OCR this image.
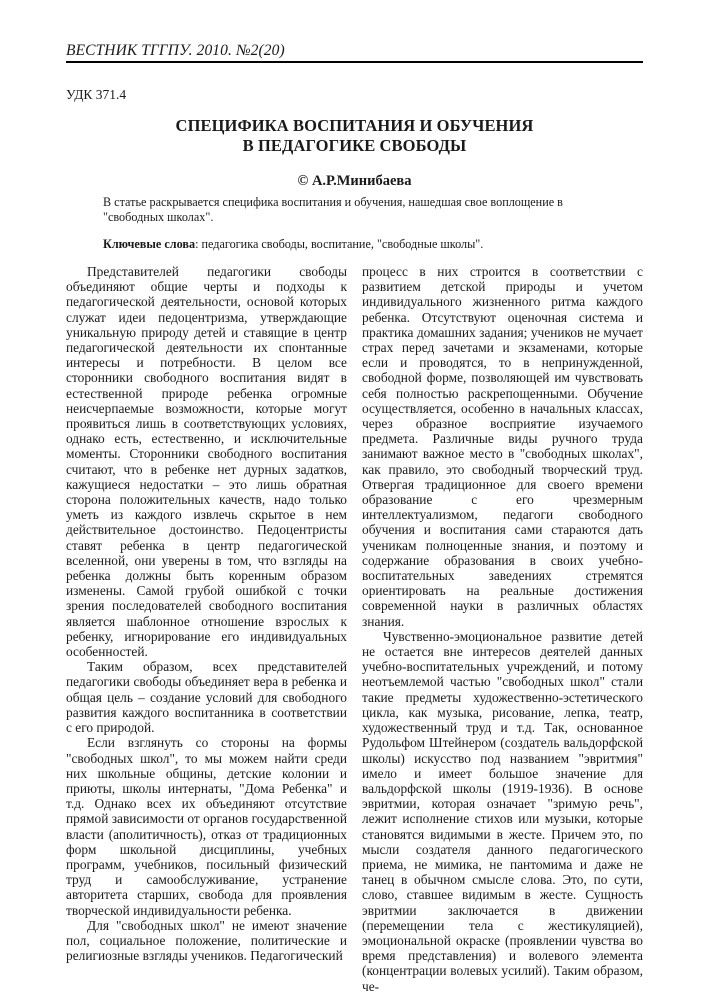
ВЕСТНИК ТГГПУ. 2010. №2(20)
УДК 371.4
СПЕЦИФИКА ВОСПИТАНИЯ И ОБУЧЕНИЯ
В ПЕДАГОГИКЕ СВОБОДЫ
© А.Р.Минибаева
В статье раскрывается специфика воспитания и обучения, нашедшая свое воплощение в "свободных школах".
Ключевые слова: педагогика свободы, воспитание, "свободные школы".

Представителей педагогики свободы объединяют общие черты и подходы к педагогической деятельности, основой которых служат идеи педоцентризма, утверждающие уникальную природу детей и ставящие в центр педагогической деятельности их спонтанные интересы и потребности. В целом все сторонники свободного воспитания видят в естественной природе ребенка огромные неисчерпаемые возможности, которые могут проявиться лишь в соответствующих условиях, однако есть, естественно, и исключительные моменты. Сторонники свободного воспитания считают, что в ребенке нет дурных задатков, кажущиеся недостатки – это лишь обратная сторона положительных качеств, надо только уметь из каждого извлечь скрытое в нем действительное достоинство. Педоцентристы ставят ребенка в центр педагогической вселенной, они уверены в том, что взгляды на ребенка должны быть коренным образом изменены. Самой грубой ошибкой с точки зрения последователей свободного воспитания является шаблонное отношение взрослых к ребенку, игнорирование его индивидуальных особенностей.

Таким образом, всех представителей педагогики свободы объединяет вера в ребенка и общая цель – создание условий для свободного развития каждого воспитанника в соответствии с его природой.

Если взглянуть со стороны на формы "свободных школ", то мы можем найти среди них школьные общины, детские колонии и приюты, школы интернаты, "Дома Ребенка" и т.д. Однако всех их объединяют отсутствие прямой зависимости от органов государственной власти (аполитичность), отказ от традиционных форм школьной дисциплины, учебных программ, учебников, посильный физический труд и самообслуживание, устранение авторитета старших, свобода для проявления творческой индивидуальности ребенка.

Для "свободных школ" не имеют значение пол, социальное положение, политические и религиозные взгляды учеников. Педагогический

процесс в них строится в соответствии с развитием детской природы и учетом индивидуального жизненного ритма каждого ребенка. Отсутствуют оценочная система и практика домашних задания; учеников не мучает страх перед зачетами и экзаменами, которые если и проводятся, то в непринужденной, свободной форме, позволяющей им чувствовать себя полностью раскрепощенными. Обучение осуществляется, особенно в начальных классах, через образное восприятие изучаемого предмета. Различные виды ручного труда занимают важное место в "свободных школах", как правило, это свободный творческий труд. Отвергая традиционное для своего времени образование с его чрезмерным интеллектуализмом, педагоги свободного обучения и воспитания сами стараются дать ученикам полноценные знания, и поэтому и содержание образования в своих учебно-воспитательных заведениях стремятся ориентировать на реальные достижения современной науки в различных областях знания.

Чувственно-эмоциональное развитие детей не остается вне интересов деятелей данных учебно-воспитательных учреждений, и потому неотъемлемой частью "свободных школ" стали такие предметы художественно-эстетического цикла, как музыка, рисование, лепка, театр, художественный труд и т.д. Так, основанное Рудольфом Штейнером (создатель вальдорфской школы) искусство под названием "эвритмия" имело и имеет большое значение для вальдорфской школы (1919-1936). В основе эвритмии, которая означает "зримую речь", лежит исполнение стихов или музыки, которые становятся видимыми в жесте. Причем это, по мысли создателя данного педагогического приема, не мимика, не пантомима и даже не танец в обычном смысле слова. Это, по сути, слово, ставшее видимым в жесте. Сущность эвритмии заключается в движении (перемещении тела с жестикуляцией), эмоциональной окраске (проявлении чувства во время представления) и волевого элемента (концентрации волевых усилий). Таким образом, че-
